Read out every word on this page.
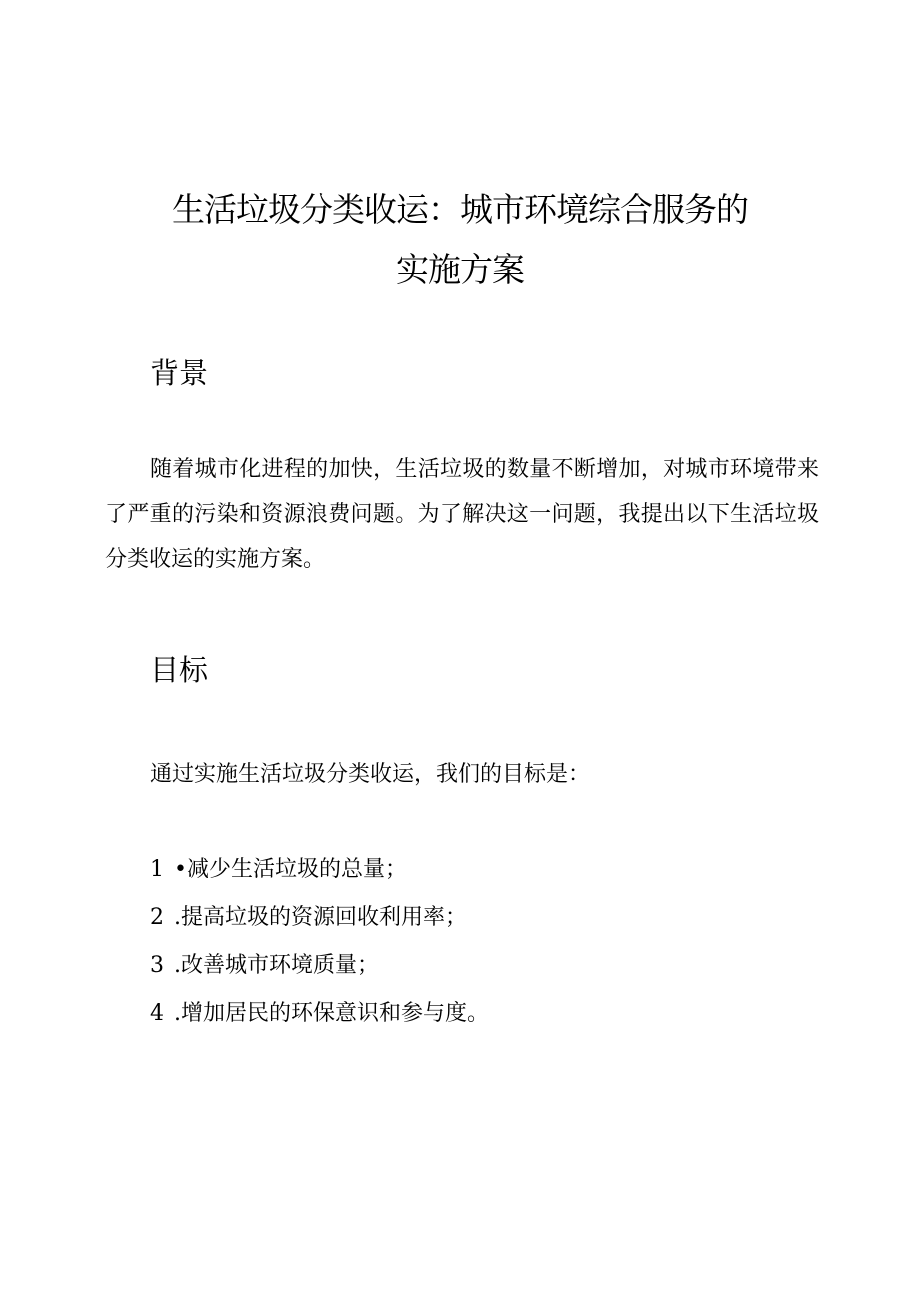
生活垃圾分类收运：城市环境综合服务的
实施方案
背景

随着城市化进程的加快，生活垃圾的数量不断增加，对城市环境带来了严重的污染和资源浪费问题。为了解决这一问题，我提出以下生活垃圾分类收运的实施方案。

目标

通过实施生活垃圾分类收运，我们的目标是：

1 •减少生活垃圾的总量；
2 .提高垃圾的资源回收利用率；
3 .改善城市环境质量；
4 .增加居民的环保意识和参与度。
